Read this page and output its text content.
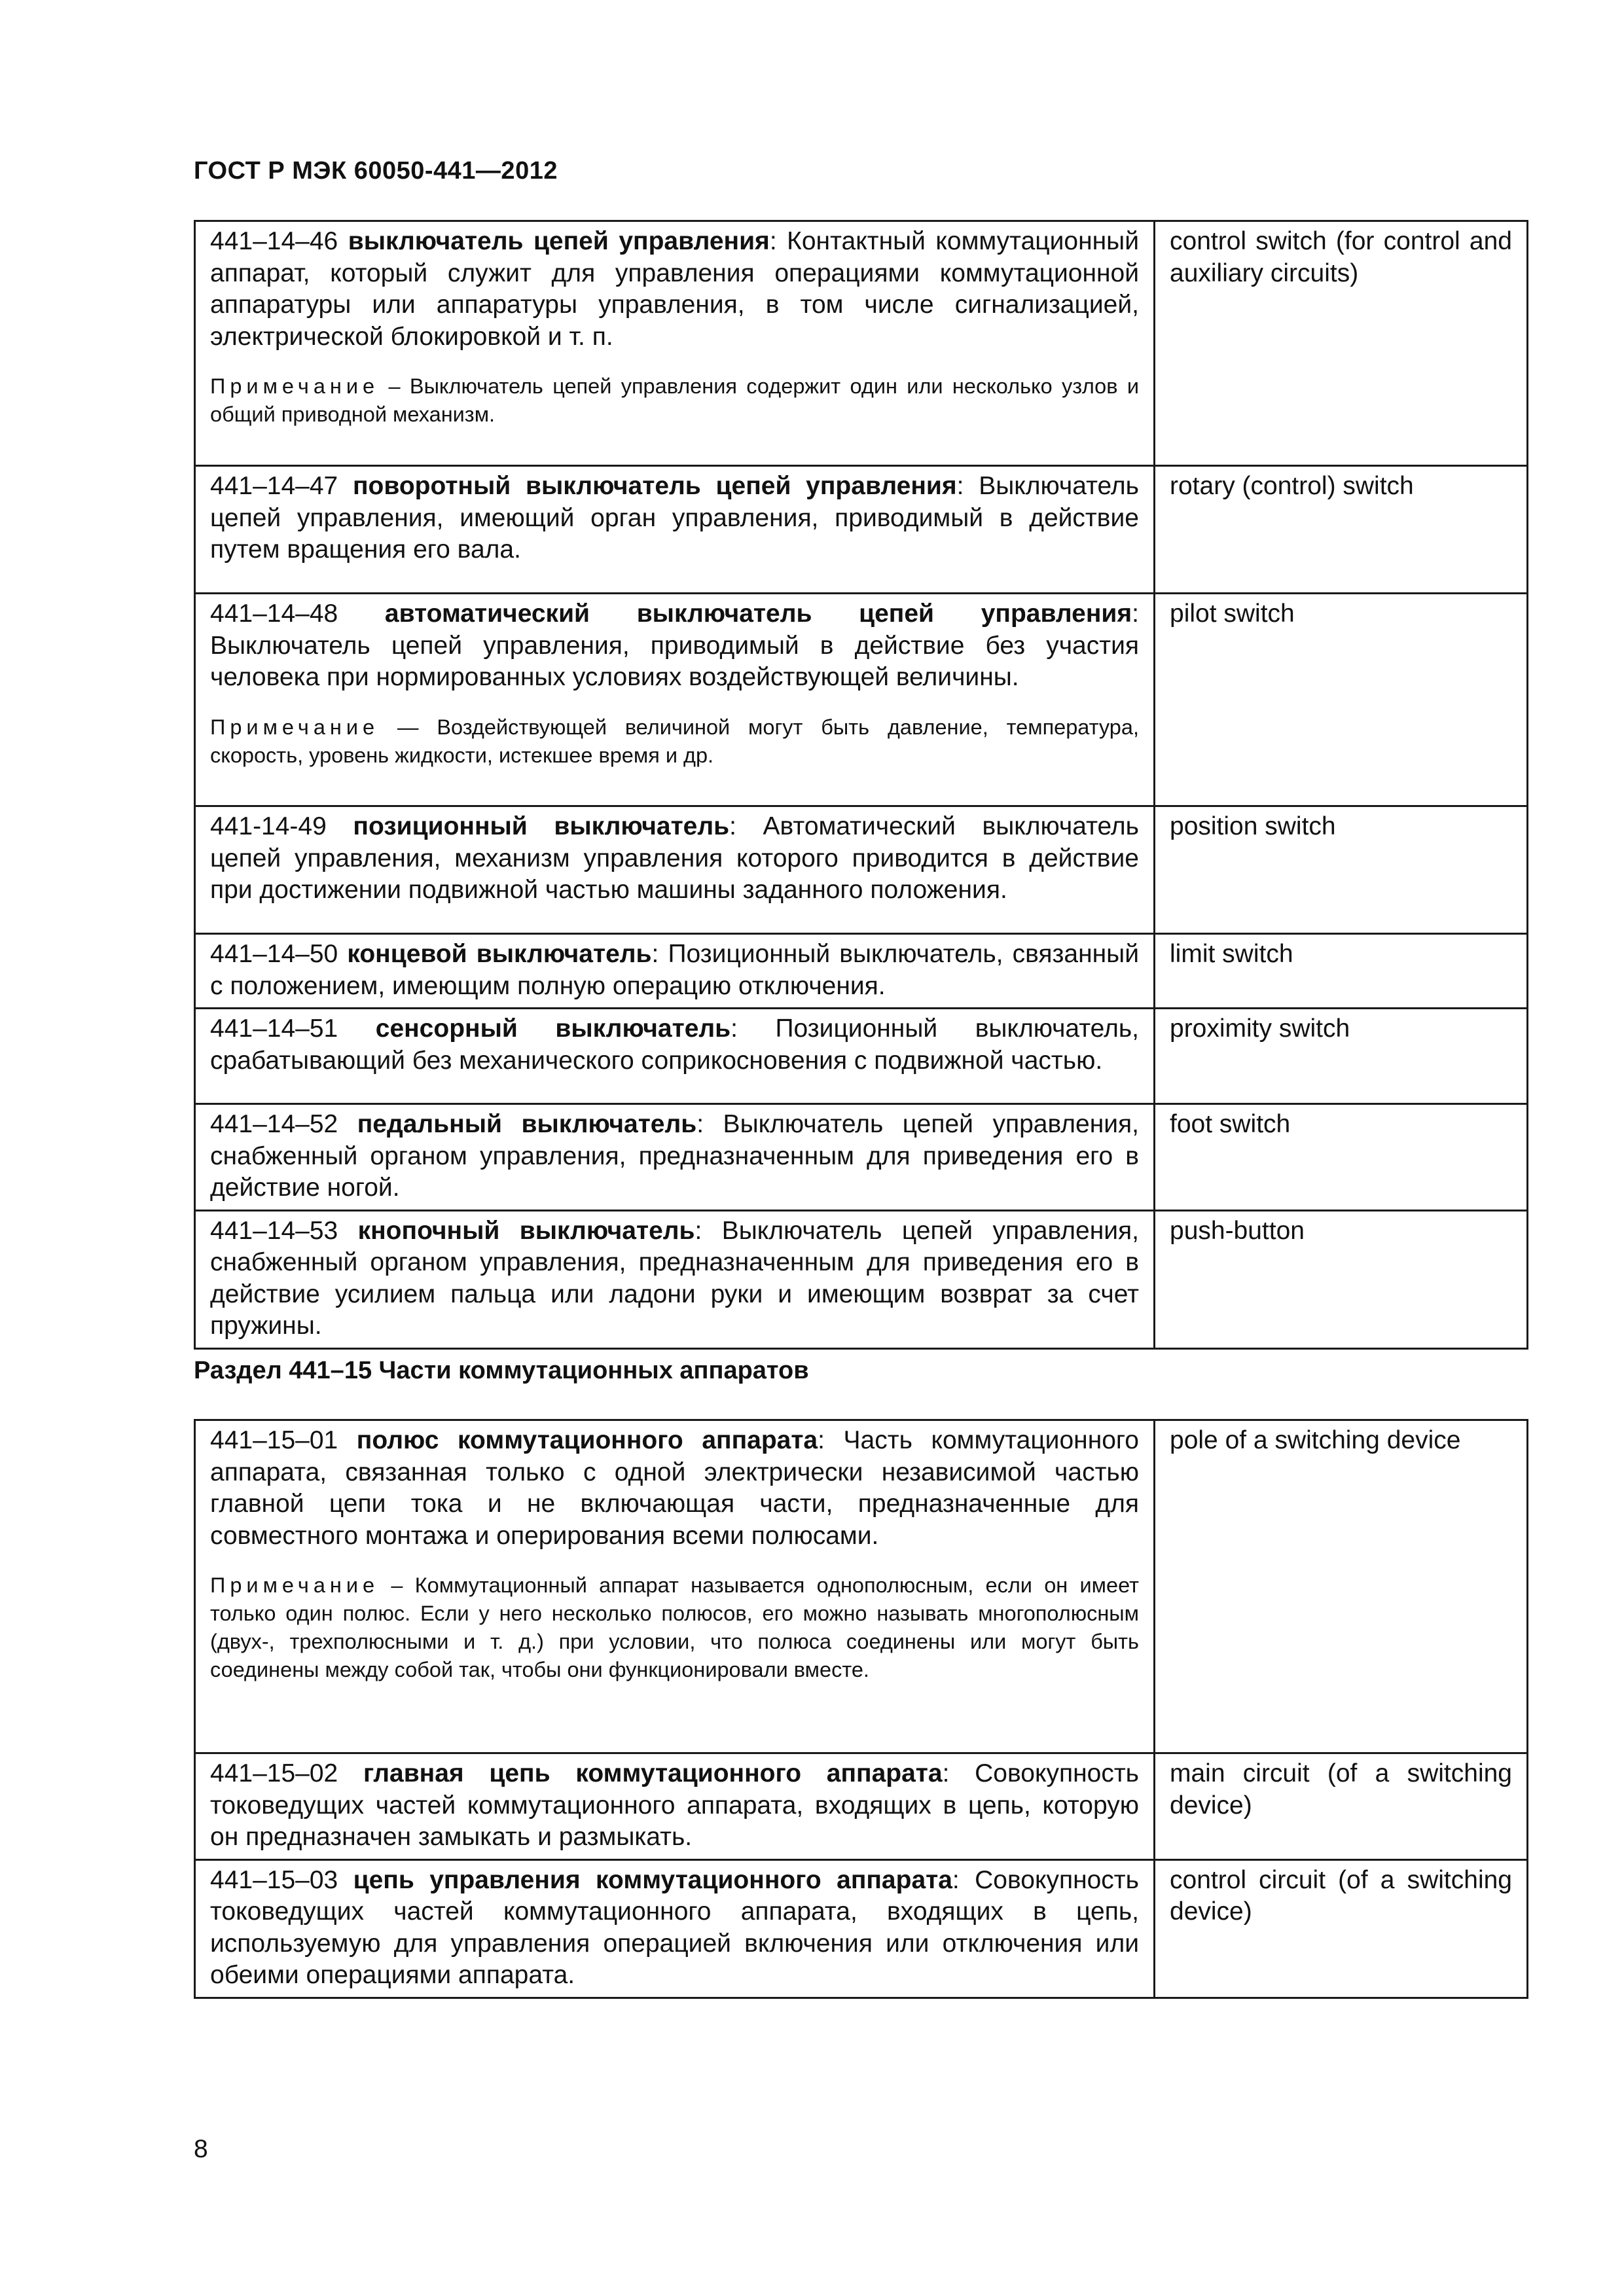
ГОСТ Р МЭК 60050-441—2012

441–14–46 выключатель цепей управления: Контактный коммутационный аппарат, который служит для управления операциями коммутационной аппаратуры или аппаратуры управления, в том числе сигнализацией, электрической блокировкой и т. п.

Примечание – Выключатель цепей управления содержит один или несколько узлов и общий приводной механизм.	control switch (for control and auxiliary circuits)

441–14–47 поворотный выключатель цепей управления: Выключатель цепей управления, имеющий орган управления, приводимый в действие путем вращения его вала.	rotary (control) switch

441–14–48 автоматический выключатель цепей управления: Выключатель цепей управления, приводимый в действие без участия человека при нормированных условиях воздействующей величины.

Примечание — Воздействующей величиной могут быть давление, температура, скорость, уровень жидкости, истекшее время и др.	pilot switch

441-14-49 позиционный выключатель: Автоматический выключатель цепей управления, механизм управления которого приводится в действие при достижении подвижной частью машины заданного положения.	position switch

441–14–50 концевой выключатель: Позиционный выключатель, связанный с положением, имеющим полную операцию отключения.	limit switch

441–14–51 сенсорный выключатель: Позиционный выключатель, срабатывающий без механического соприкосновения с подвижной частью.	proximity switch

441–14–52 педальный выключатель: Выключатель цепей управления, снабженный органом управления, предназначенным для приведения его в действие ногой.	foot switch

441–14–53 кнопочный выключатель: Выключатель цепей управления, снабженный органом управления, предназначенным для приведения его в действие усилием пальца или ладони руки и имеющим возврат за счет пружины.	push-button
Раздел 441–15 Части коммутационных аппаратов

441–15–01 полюс коммутационного аппарата: Часть коммутационного аппарата, связанная только с одной электрически независимой частью главной цепи тока и не включающая части, предназначенные для совместного монтажа и оперирования всеми полюсами.

Примечание – Коммутационный аппарат называется однополюсным, если он имеет только один полюс. Если у него несколько полюсов, его можно называть многополюсным (двух-, трехполюсными и т. д.) при условии, что полюса соединены или могут быть соединены между собой так, чтобы они функционировали вместе.	pole of a switching device

441–15–02 главная цепь коммутационного аппарата: Совокупность токоведущих частей коммутационного аппарата, входящих в цепь, которую он предназначен замыкать и размыкать.	main circuit (of a switching device)

441–15–03 цепь управления коммутационного аппарата: Совокупность токоведущих частей коммутационного аппарата, входящих в цепь, используемую для управления операцией включения или отключения или обеими операциями аппарата.	control circuit (of a switching device)
8
